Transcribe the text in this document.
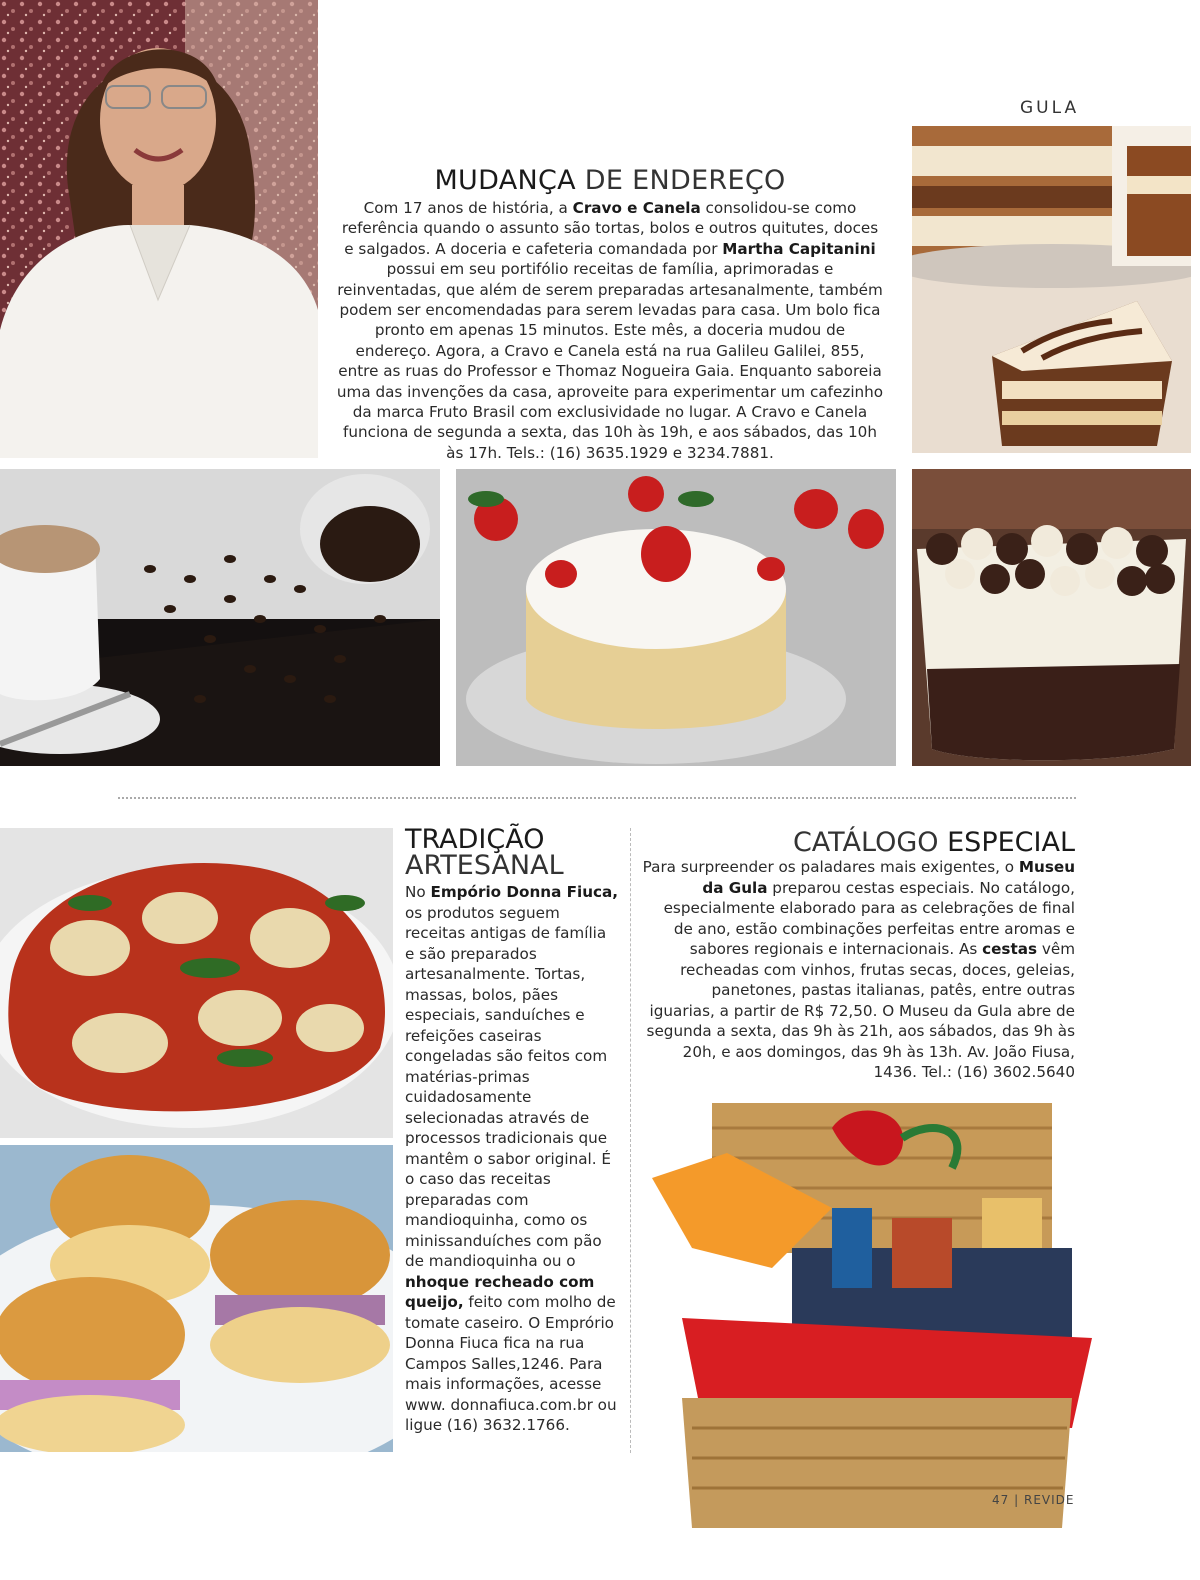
GULA
MUDANÇA DE ENDEREÇO
Com 17 anos de história, a Cravo e Canela consolidou-se como referência quando o assunto são tortas, bolos e outros quitutes, doces e salgados. A doceria e cafeteria comandada por Martha Capitanini possui em seu portifólio receitas de família, aprimoradas e reinventadas, que além de serem preparadas artesanalmente, também podem ser encomendadas para serem levadas para casa. Um bolo fica pronto em apenas 15 minutos. Este mês, a doceria mudou de endereço. Agora, a Cravo e Canela está na rua Galileu Galilei, 855, entre as ruas do Professor e Thomaz Nogueira Gaia. Enquanto saboreia uma das invenções da casa, aproveite para experimentar um cafezinho da marca Fruto Brasil com exclusividade no lugar. A Cravo e Canela funciona de segunda a sexta, das 10h às 19h, e aos sábados, das 10h às 17h. Tels.: (16) 3635.1929 e 3234.7881.
TRADIÇÃO
ARTESANAL
No Empório Donna Fiuca, os produtos seguem receitas antigas de família e são preparados artesanalmente. Tortas, massas, bolos, pães especiais, sanduíches e refeições caseiras congeladas são feitos com matérias-primas cuidadosamente selecionadas através de processos tradicionais que mantêm o sabor original. É o caso das receitas preparadas com mandioquinha, como os minissanduíches com pão de mandioquinha ou o nhoque recheado com queijo, feito com molho de tomate caseiro. O Emprório Donna Fiuca fica na rua Campos Salles,1246. Para mais informações, acesse www. donnafiuca.com.br ou ligue (16) 3632.1766.
CATÁLOGO ESPECIAL
Para surpreender os paladares mais exigentes, o Museu da Gula preparou cestas especiais. No catálogo, especialmente elaborado para as celebrações de final de ano, estão combinações perfeitas entre aromas e sabores regionais e internacionais. As cestas vêm recheadas com vinhos, frutas secas, doces, geleias, panetones, pastas italianas, patês, entre outras iguarias, a partir de R$ 72,50. O Museu da Gula abre de segunda a sexta, das 9h às 21h, aos sábados, das 9h às 20h, e aos domingos, das 9h às 13h. Av. João Fiusa, 1436. Tel.: (16) 3602.5640
47 | REVIDE
